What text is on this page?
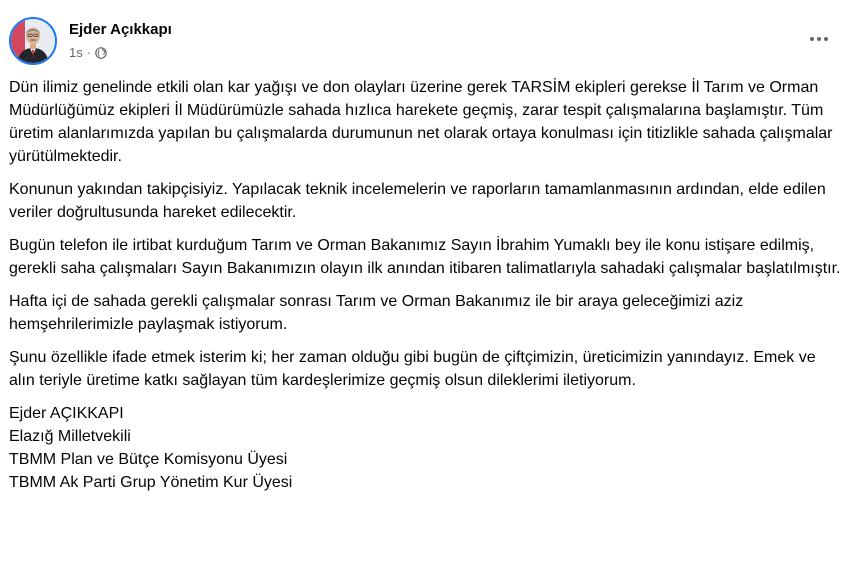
Ejder Açıkkapı
1s ·

Dün ilimiz genelinde etkili olan kar yağışı ve don olayları üzerine gerek TARSİM ekipleri gerekse İl Tarım ve Orman Müdürlüğümüz ekipleri İl Müdürümüzle sahada hızlıca harekete geçmiş, zarar tespit çalışmalarına başlamıştır. Tüm üretim alanlarımızda yapılan bu çalışmalarda durumunun net olarak ortaya konulması için titizlikle sahada çalışmalar yürütülmektedir.

Konunun yakından takipçisiyiz. Yapılacak teknik incelemelerin ve raporların tamamlanmasının ardından, elde edilen veriler doğrultusunda hareket edilecektir.

Bugün telefon ile irtibat kurduğum Tarım ve Orman Bakanımız Sayın İbrahim Yumaklı bey ile konu istişare edilmiş, gerekli saha çalışmaları Sayın Bakanımızın olayın ilk anından itibaren talimatlarıyla sahadaki çalışmalar başlatılmıştır.

Hafta içi de sahada gerekli çalışmalar sonrası Tarım ve Orman Bakanımız ile bir araya geleceğimizi aziz hemşehrilerimizle paylaşmak istiyorum.

Şunu özellikle ifade etmek isterim ki; her zaman olduğu gibi bugün de çiftçimizin, üreticimizin yanındayız. Emek ve alın teriyle üretime katkı sağlayan tüm kardeşlerimize geçmiş olsun dileklerimi iletiyorum.

Ejder AÇIKKAPI

Elazığ Milletvekili

TBMM Plan ve Bütçe Komisyonu Üyesi

TBMM Ak Parti Grup Yönetim Kur Üyesi
